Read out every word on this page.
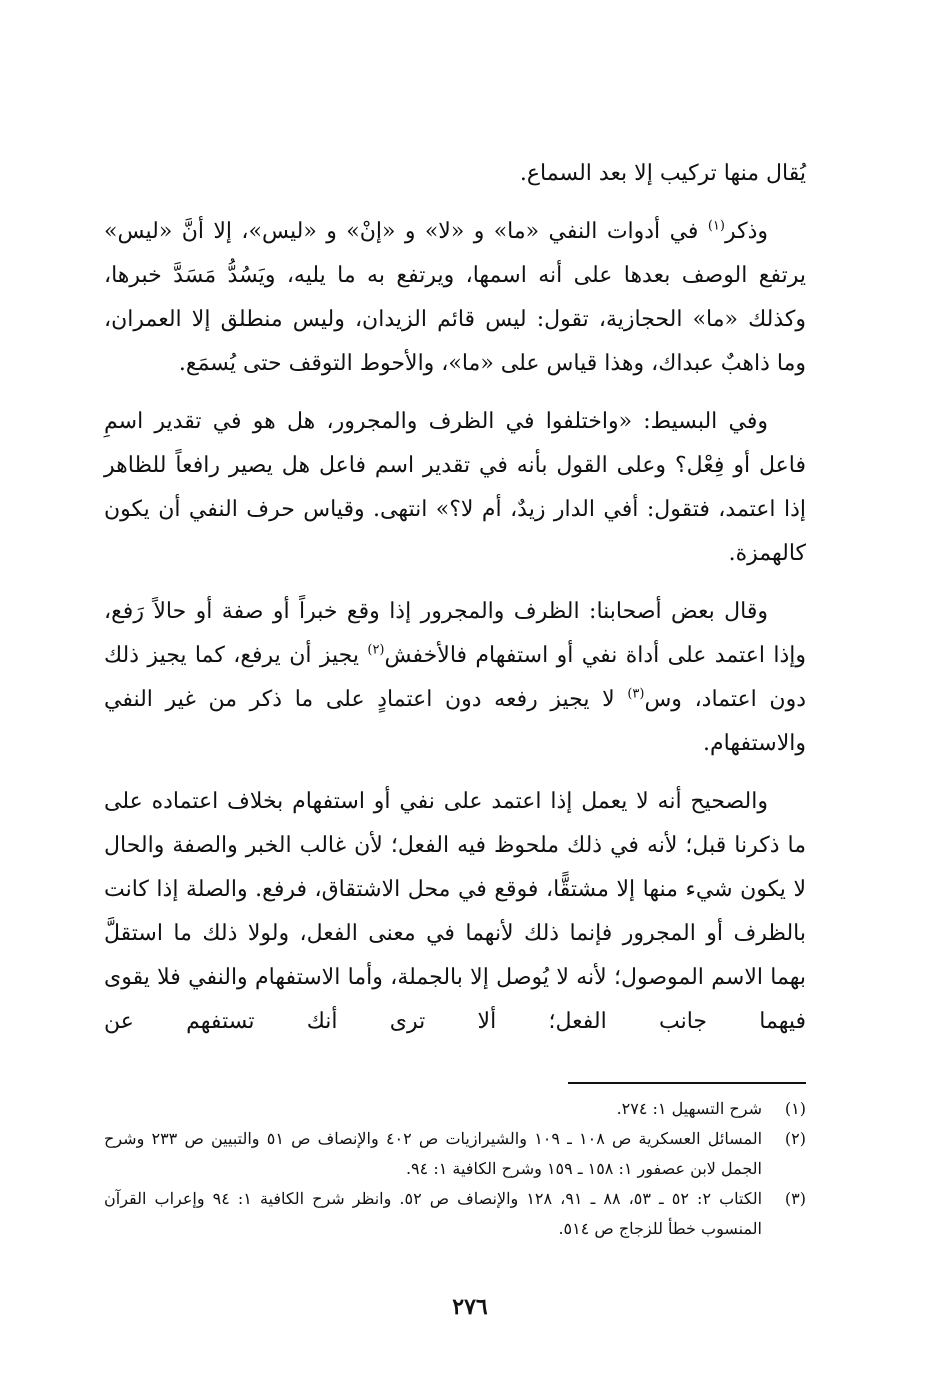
يُقال منها تركيب إلا بعد السماع.

وذكر$^{(١)}$ في أدوات النفي «ما» و «لا» و «إنْ» و «ليس»، إلا أنَّ «ليس» يرتفع الوصف بعدها على أنه اسمها، ويرتفع به ما يليه، ويَسُدُّ مَسَدَّ خبرها، وكذلك «ما» الحجازية، تقول: ليس قائم الزيدان، وليس منطلق إلا العمران، وما ذاهبٌ عبداك، وهذا قياس على «ما»، والأحوط التوقف حتى يُسمَع.

وفي البسيط: «واختلفوا في الظرف والمجرور، هل هو في تقدير اسمِ فاعل أو فِعْل؟ وعلى القول بأنه في تقدير اسم فاعل هل يصير رافعاً للظاهر إذا اعتمد، فتقول: أفي الدار زيدٌ، أم لا؟» انتهى. وقياس حرف النفي أن يكون كالهمزة.

وقال بعض أصحابنا: الظرف والمجرور إذا وقع خبراً أو صفة أو حالاً رَفع، وإذا اعتمد على أداة نفي أو استفهام فالأخفش$^{(٢)}$ يجيز أن يرفع، كما يجيز ذلك دون اعتماد، وس$^{(٣)}$ لا يجيز رفعه دون اعتمادٍ على ما ذكر من غير النفي والاستفهام.

والصحيح أنه لا يعمل إذا اعتمد على نفي أو استفهام بخلاف اعتماده على ما ذكرنا قبل؛ لأنه في ذلك ملحوظ فيه الفعل؛ لأن غالب الخبر والصفة والحال لا يكون شيء منها إلا مشتقًّا، فوقع في محل الاشتقاق، فرفع. والصلة إذا كانت بالظرف أو المجرور فإنما ذلك لأنهما في معنى الفعل، ولولا ذلك ما استقلَّ بهما الاسم الموصول؛ لأنه لا يُوصل إلا بالجملة، وأما الاستفهام والنفي فلا يقوى فيهما جانب الفعل؛ ألا ترى أنك تستفهم عن

(١)
شرح التسهيل ١: ٢٧٤.
(٢)
المسائل العسكرية ص ١٠٨ ـ ١٠٩ والشيرازيات ص ٤٠٢ والإنصاف ص ٥١ والتبيين ص ٢٣٣ وشرح الجمل لابن عصفور ١: ١٥٨ ـ ١٥٩ وشرح الكافية ١: ٩٤.
(٣)
الكتاب ٢: ٥٢ ـ ٥٣، ٨٨ ـ ٩١، ١٢٨ والإنصاف ص ٥٢. وانظر شرح الكافية ١: ٩٤ وإعراب القرآن المنسوب خطأ للزجاج ص ٥١٤.
٢٧٦
